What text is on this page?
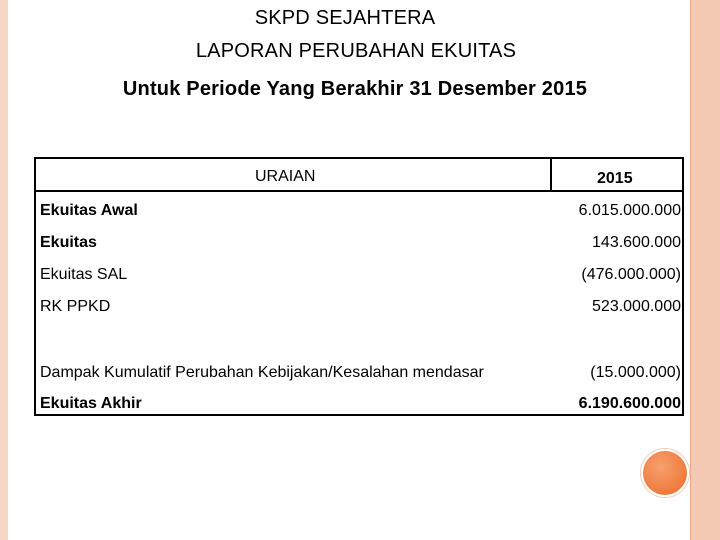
SKPD SEJAHTERA
LAPORAN PERUBAHAN EKUITAS
Untuk Periode Yang Berakhir 31 Desember 2015
URAIAN	2015
Ekuitas Awal	6.015.000.000
Ekuitas	143.600.000
Ekuitas SAL	(476.000.000)
RK PPKD	523.000.000
Dampak Kumulatif Perubahan Kebijakan/Kesalahan mendasar	(15.000.000)
Ekuitas Akhir	6.190.600.000
